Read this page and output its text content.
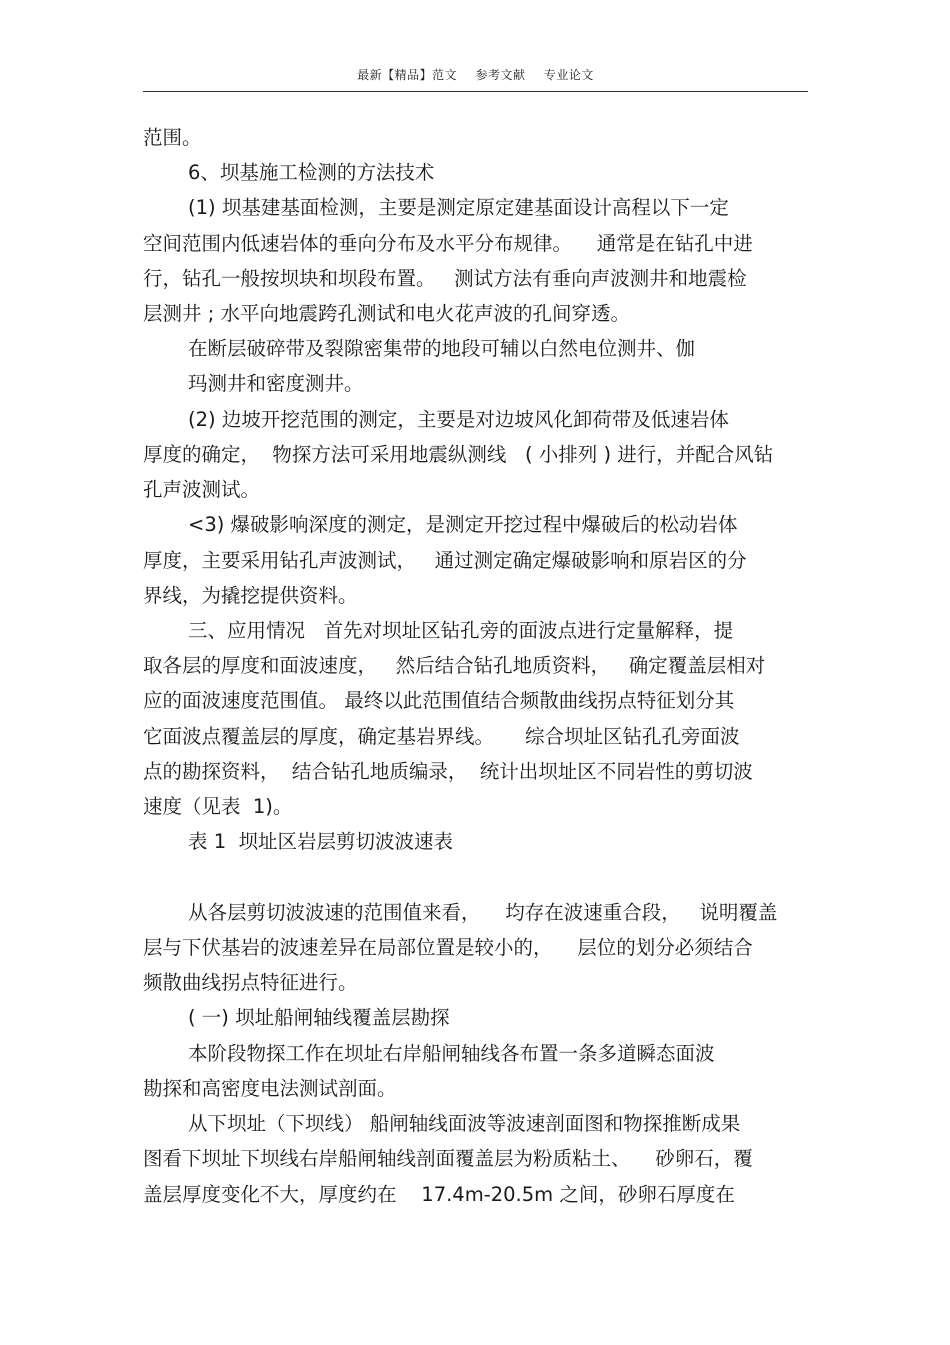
最新【精品】范文 参考文献 专业论文
范围。
6、坝基施工检测的方法技术
(1) 坝基建基面检测，主要是测定原定建基面设计高程以下一定
空间范围内低速岩体的垂向分布及水平分布规律。    通常是在钻孔中进
行，钻孔一般按坝块和坝段布置。   测试方法有垂向声波测井和地震检
层测井 ; 水平向地震跨孔测试和电火花声波的孔间穿透。
在断层破碎带及裂隙密集带的地段可辅以白然电位测井、伽
玛测井和密度测井。
(2) 边坡开挖范围的测定，主要是对边坡风化卸荷带及低速岩体
厚度的确定，  物探方法可采用地震纵测线   ( 小排列 ) 进行，并配合风钻
孔声波测试。
<3) 爆破影响深度的测定，是测定开挖过程中爆破后的松动岩体
厚度，主要采用钻孔声波测试，   通过测定确定爆破影响和原岩区的分
界线，为撬挖提供资料。
三、应用情况   首先对坝址区钻孔旁的面波点进行定量解释，提
取各层的厚度和面波速度，   然后结合钻孔地质资料，   确定覆盖层相对
应的面波速度范围值。 最终以此范围值结合频散曲线拐点特征划分其
它面波点覆盖层的厚度，确定基岩界线。     综合坝址区钻孔孔旁面波
点的勘探资料，  结合钻孔地质编录，  统计出坝址区不同岩性的剪切波
速度（见表  1)。
表 1  坝址区岩层剪切波波速表
从各层剪切波波速的范围值来看，    均存在波速重合段，   说明覆盖
层与下伏基岩的波速差异在局部位置是较小的，    层位的划分必须结合
频散曲线拐点特征进行。
( 一) 坝址船闸轴线覆盖层勘探
本阶段物探工作在坝址右岸船闸轴线各布置一条多道瞬态面波
勘探和高密度电法测试剖面。
从下坝址（下坝线） 船闸轴线面波等波速剖面图和物探推断成果
图看下坝址下坝线右岸船闸轴线剖面覆盖层为粉质粘土、    砂卵石，覆
盖层厚度变化不大，厚度约在    17.4m-20.5m 之间，砂卵石厚度在
